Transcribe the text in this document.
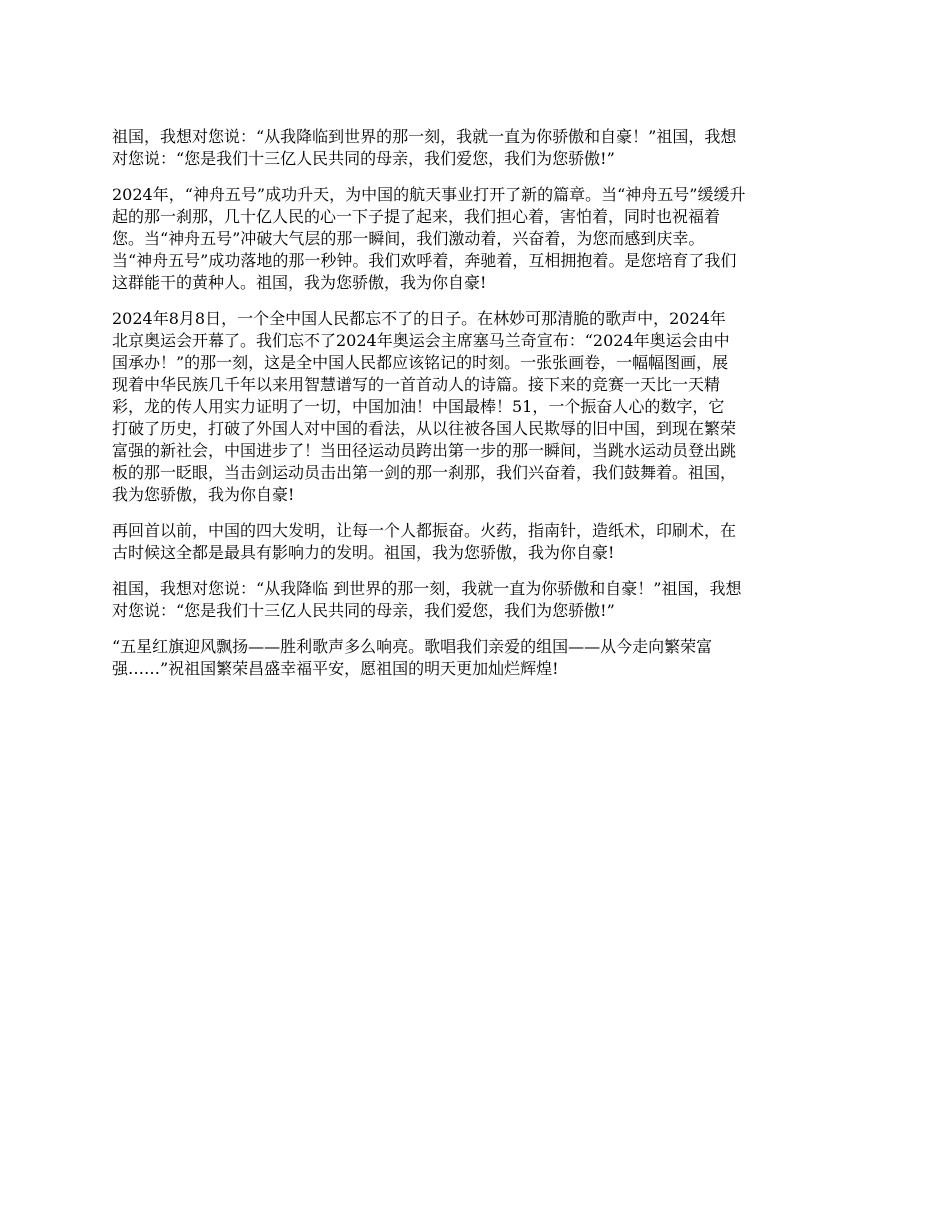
祖国，我想对您说：“从我降临到世界的那一刻，我就一直为你骄傲和自豪！”祖国，我想
对您说：“您是我们十三亿人民共同的母亲，我们爱您，我们为您骄傲!”

2024年，“神舟五号”成功升天，为中国的航天事业打开了新的篇章。当“神舟五号”缓缓升
起的那一刹那，几十亿人民的心一下子提了起来，我们担心着，害怕着，同时也祝福着
您。当“神舟五号”冲破大气层的那一瞬间，我们激动着，兴奋着，为您而感到庆幸。
当“神舟五号”成功落地的那一秒钟。我们欢呼着，奔驰着，互相拥抱着。是您培育了我们
这群能干的黄种人。祖国，我为您骄傲，我为你自豪!

2024年8月8日，一个全中国人民都忘不了的日子。在林妙可那清脆的歌声中，2024年
北京奥运会开幕了。我们忘不了2024年奥运会主席塞马兰奇宣布：“2024年奥运会由中
国承办！”的那一刻，这是全中国人民都应该铭记的时刻。一张张画卷，一幅幅图画，展
现着中华民族几千年以来用智慧谱写的一首首动人的诗篇。接下来的竞赛一天比一天精
彩，龙的传人用实力证明了一切，中国加油！中国最棒！51，一个振奋人心的数字，它
打破了历史，打破了外国人对中国的看法，从以往被各国人民欺辱的旧中国，到现在繁荣
富强的新社会，中国进步了！当田径运动员跨出第一步的那一瞬间，当跳水运动员登出跳
板的那一眨眼，当击剑运动员击出第一剑的那一刹那，我们兴奋着，我们鼓舞着。祖国，
我为您骄傲，我为你自豪!

再回首以前，中国的四大发明，让每一个人都振奋。火药，指南针，造纸术，印刷术，在
古时候这全都是最具有影响力的发明。祖国，我为您骄傲，我为你自豪!

祖国，我想对您说：“从我降临 到世界的那一刻，我就一直为你骄傲和自豪！”祖国，我想
对您说：“您是我们十三亿人民共同的母亲，我们爱您，我们为您骄傲!”

“五星红旗迎风飘扬——胜利歌声多么响亮。歌唱我们亲爱的组国——从今走向繁荣富
强……”祝祖国繁荣昌盛幸福平安，愿祖国的明天更加灿烂辉煌!
